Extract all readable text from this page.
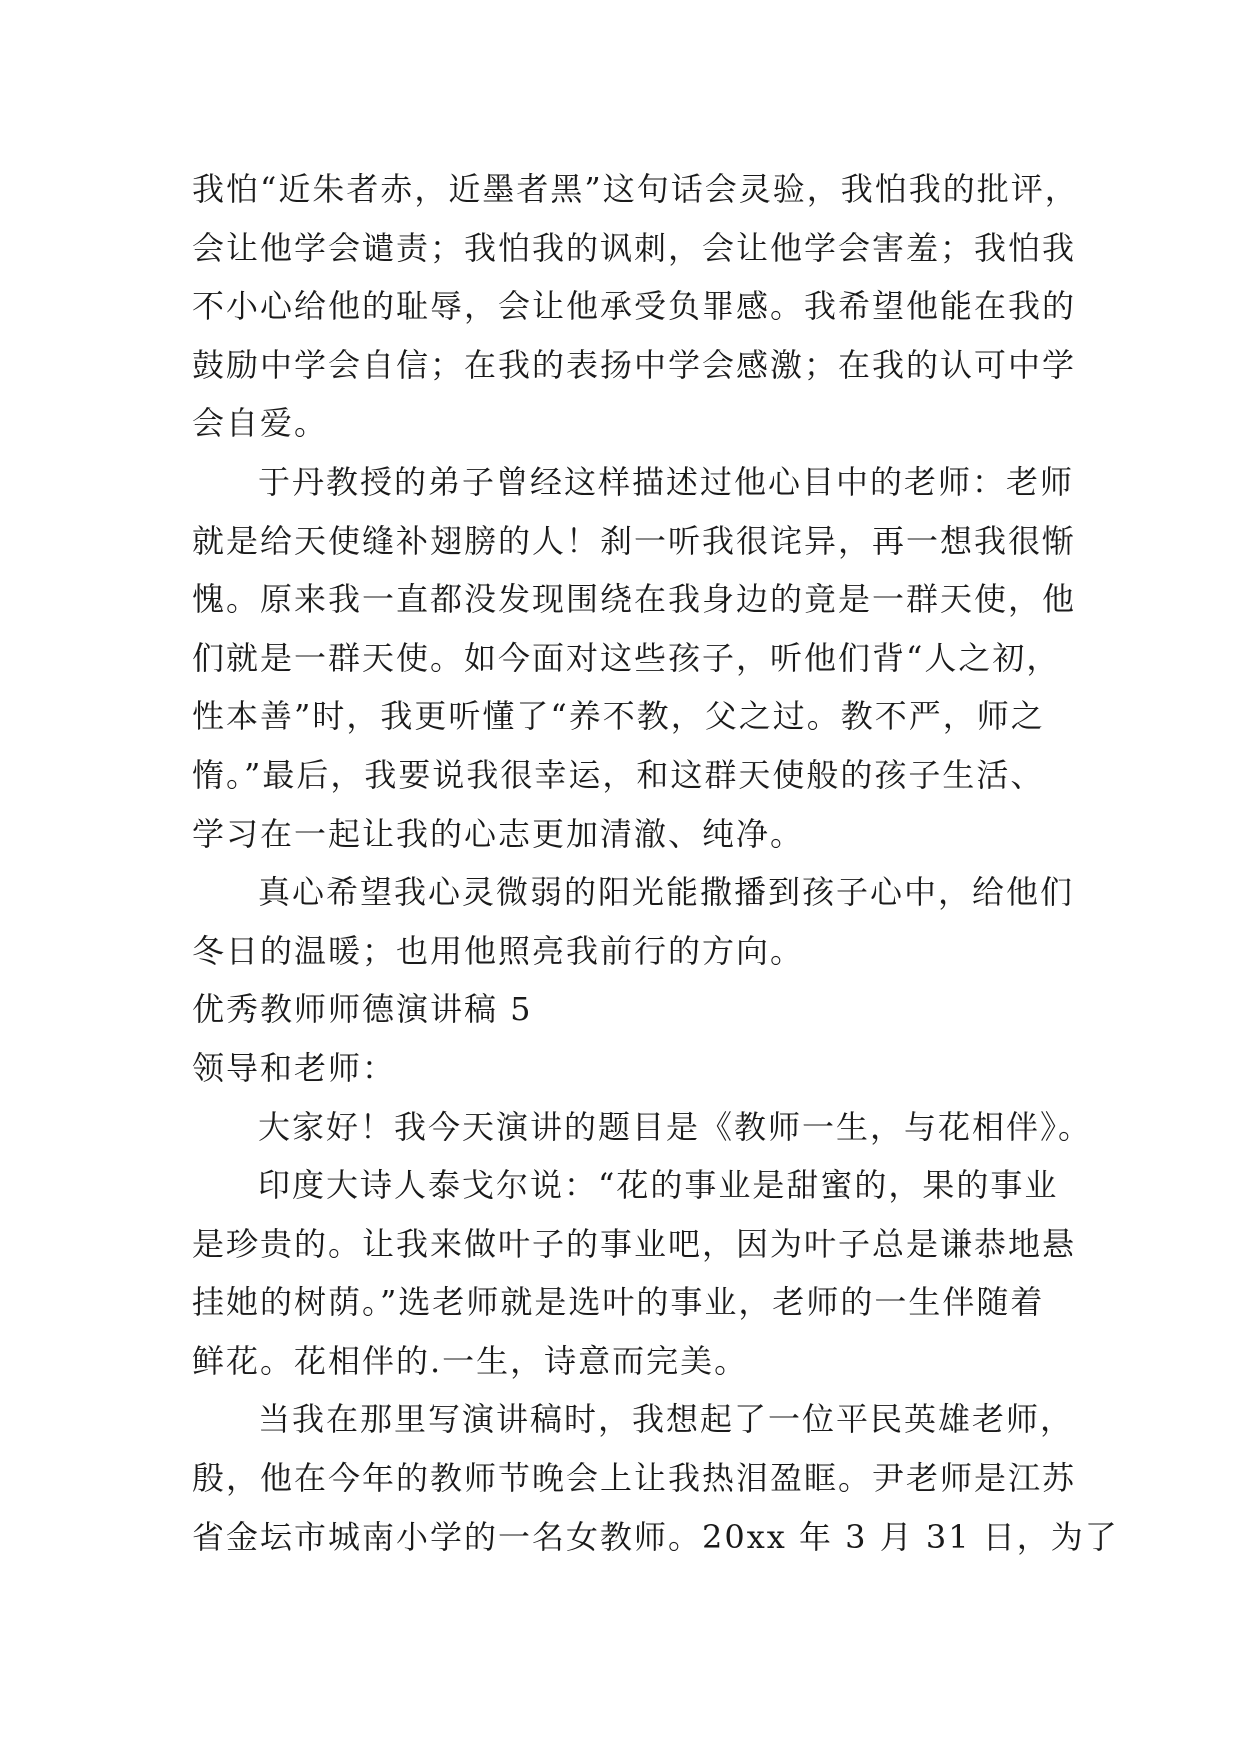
我怕“近朱者赤，近墨者黑”这句话会灵验，我怕我的批评，
会让他学会谴责；我怕我的讽刺，会让他学会害羞；我怕我
不小心给他的耻辱，会让他承受负罪感。我希望他能在我的
鼓励中学会自信；在我的表扬中学会感激；在我的认可中学
会自爱。
于丹教授的弟子曾经这样描述过他心目中的老师：老师
就是给天使缝补翅膀的人！刹一听我很诧异，再一想我很惭
愧。原来我一直都没发现围绕在我身边的竟是一群天使，他
们就是一群天使。如今面对这些孩子，听他们背“人之初，
性本善”时，我更听懂了“养不教，父之过。教不严，师之
惰。”最后，我要说我很幸运，和这群天使般的孩子生活、
学习在一起让我的心志更加清澈、纯净。
真心希望我心灵微弱的阳光能撒播到孩子心中，给他们
冬日的温暖；也用他照亮我前行的方向。
优秀教师师德演讲稿 5
领导和老师：
大家好！我今天演讲的题目是《教师一生，与花相伴》。
印度大诗人泰戈尔说：“花的事业是甜蜜的，果的事业
是珍贵的。让我来做叶子的事业吧，因为叶子总是谦恭地悬
挂她的树荫。”选老师就是选叶的事业，老师的一生伴随着
鲜花。花相伴的.一生，诗意而完美。
当我在那里写演讲稿时，我想起了一位平民英雄老师，
殷，他在今年的教师节晚会上让我热泪盈眶。尹老师是江苏
省金坛市城南小学的一名女教师。20xx 年 3 月 31 日，为了
